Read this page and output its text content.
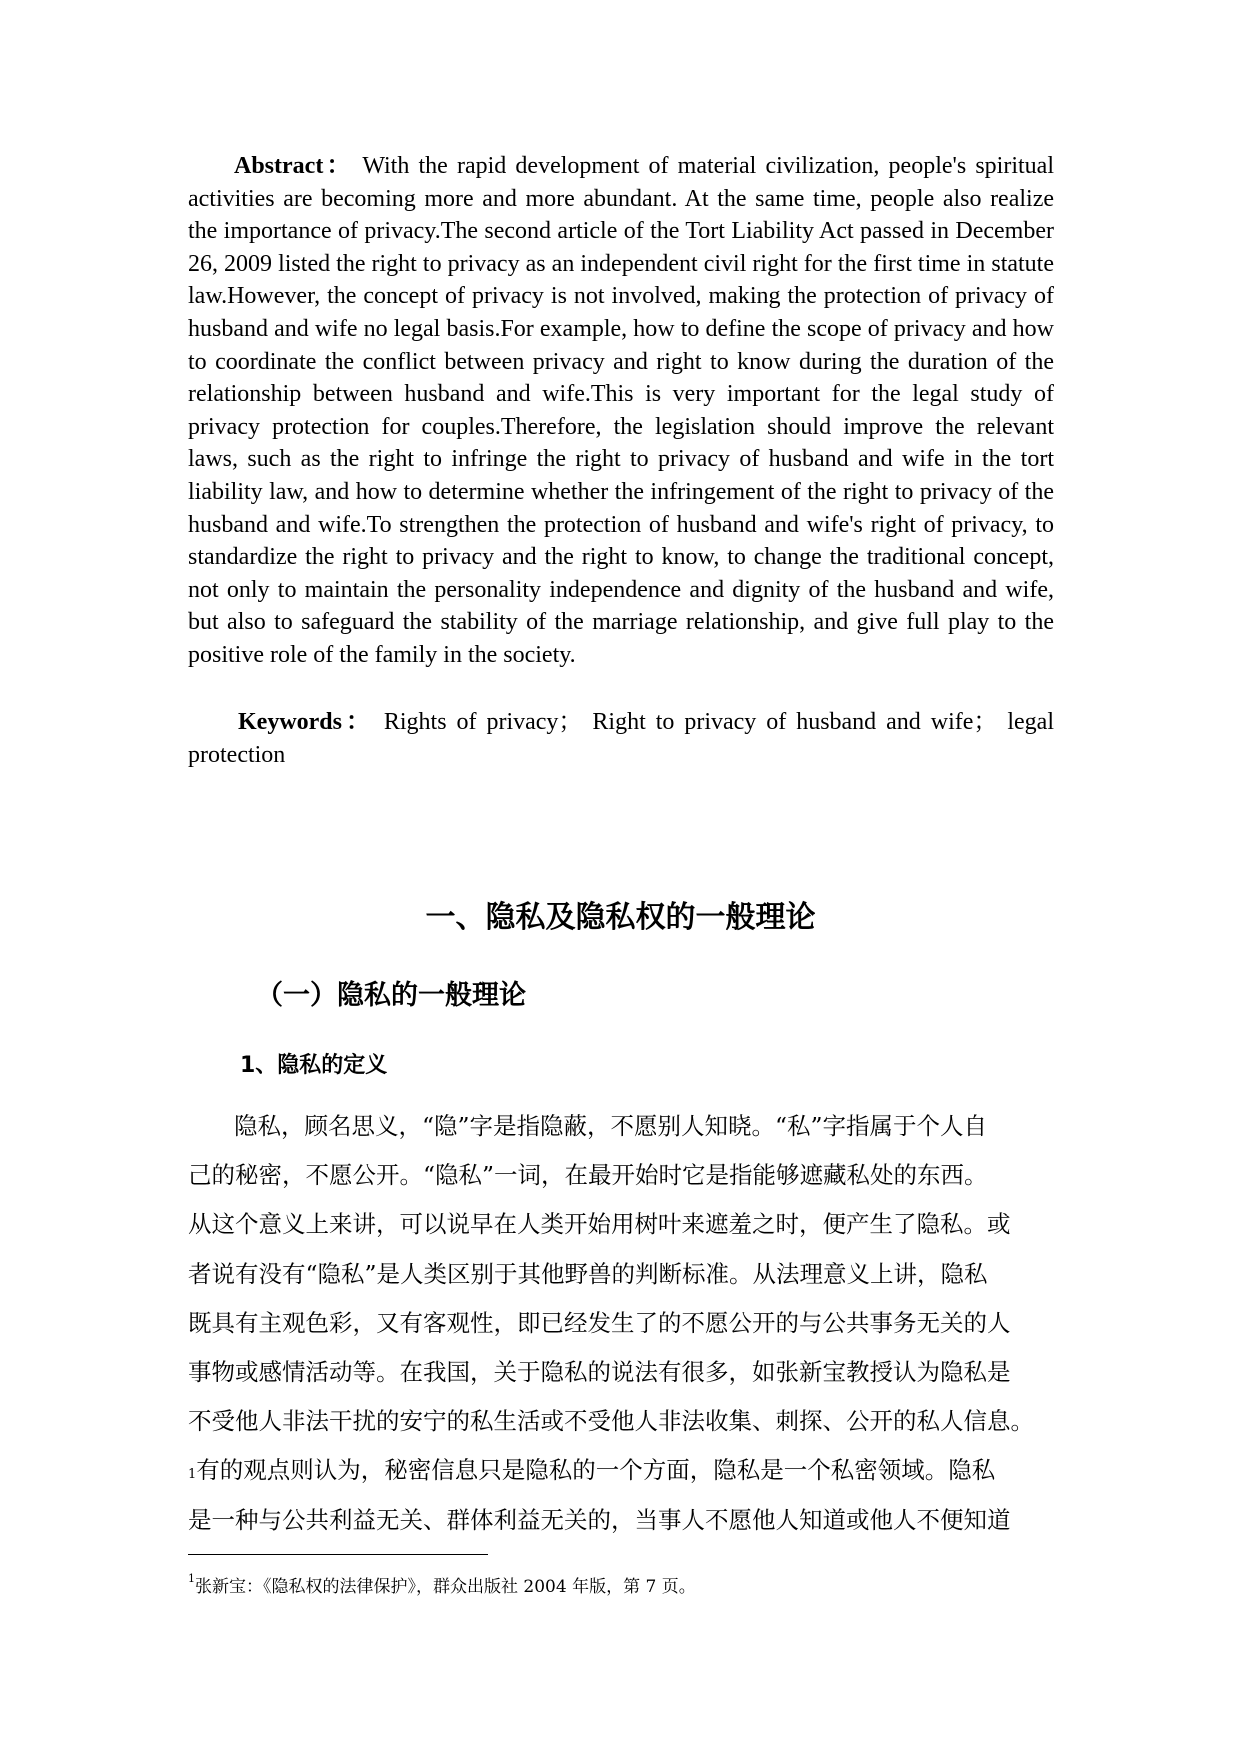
Abstract： With the rapid development of material civilization, people's spiritual activities are becoming more and more abundant. At the same time, people also realize the importance of privacy.The second article of the Tort Liability Act passed in December 26, 2009 listed the right to privacy as an independent civil right for the first time in statute law.However, the concept of privacy is not involved, making the protection of privacy of husband and wife no legal basis.For example, how to define the scope of privacy and how to coordinate the conflict between privacy and right to know during the duration of the relationship between husband and wife.This is very important for the legal study of privacy protection for couples.Therefore, the legislation should improve the relevant laws, such as the right to infringe the right to privacy of husband and wife in the tort liability law, and how to determine whether the infringement of the right to privacy of the husband and wife.To strengthen the protection of husband and wife's right of privacy, to standardize the right to privacy and the right to know, to change the traditional concept, not only to maintain the personality independence and dignity of the husband and wife, but also to safeguard the stability of the marriage relationship, and give full play to the positive role of the family in the society.

Keywords： Rights of privacy； Right to privacy of husband and wife； legal protection

一、隐私及隐私权的一般理论
（一）隐私的一般理论
1、隐私的定义
隐私，顾名思义，“隐”字是指隐蔽，不愿别人知晓。“私”字指属于个人自
己的秘密，不愿公开。“隐私”一词，在最开始时它是指能够遮藏私处的东西。
从这个意义上来讲，可以说早在人类开始用树叶来遮羞之时，便产生了隐私。或
者说有没有“隐私”是人类区别于其他野兽的判断标准。从法理意义上讲，隐私
既具有主观色彩，又有客观性，即已经发生了的不愿公开的与公共事务无关的人
事物或感情活动等。在我国，关于隐私的说法有很多，如张新宝教授认为隐私是
不受他人非法干扰的安宁的私生活或不受他人非法收集、刺探、公开的私人信息。
$^1$有的观点则认为，秘密信息只是隐私的一个方面，隐私是一个私密领域。隐私
是一种与公共利益无关、群体利益无关的，当事人不愿他人知道或他人不便知道

$^1$张新宝：《隐私权的法律保护》，群众出版社 2004 年版，第 7 页。
